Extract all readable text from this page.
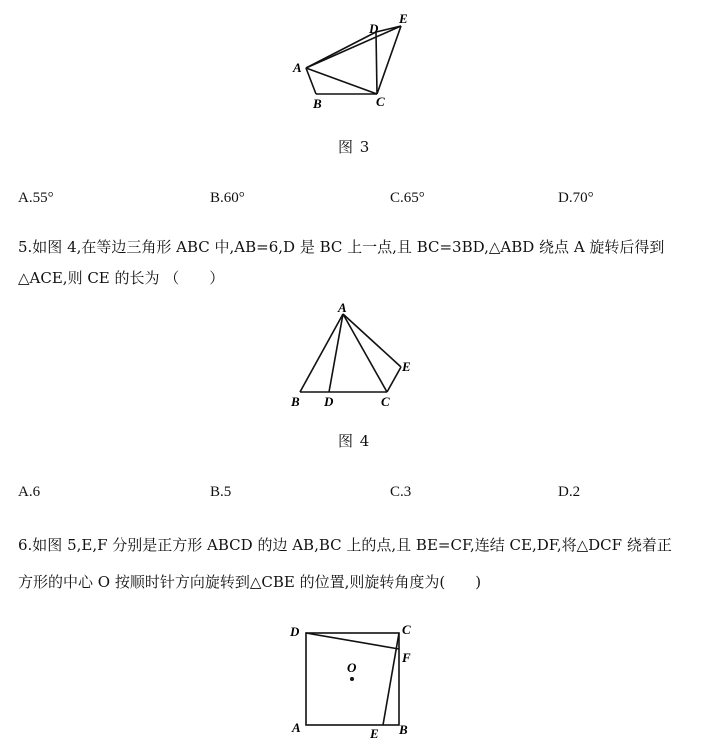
A
B	C
D
E
图 3
A.55°	B.60°	C.65°	D.70°
5.如图 4,在等边三角形 ABC 中,AB=6,D 是 BC 上一点,且 BC=3BD,△ABD 绕点 A 旋转后得到
△ACE,则 CE 的长为 （　　）
A
B D	C
E
图 4
A.6	B.5	C.3	D.2
6.如图 5,E,F 分别是正方形 ABCD 的边 AB,BC 上的点,且 BE=CF,连结 CE,DF,将△DCF 绕着正
方形的中心 O 按顺时针方向旋转到△CBE 的位置,则旋转角度为(　　)
D	C
F
O
A	B
E
